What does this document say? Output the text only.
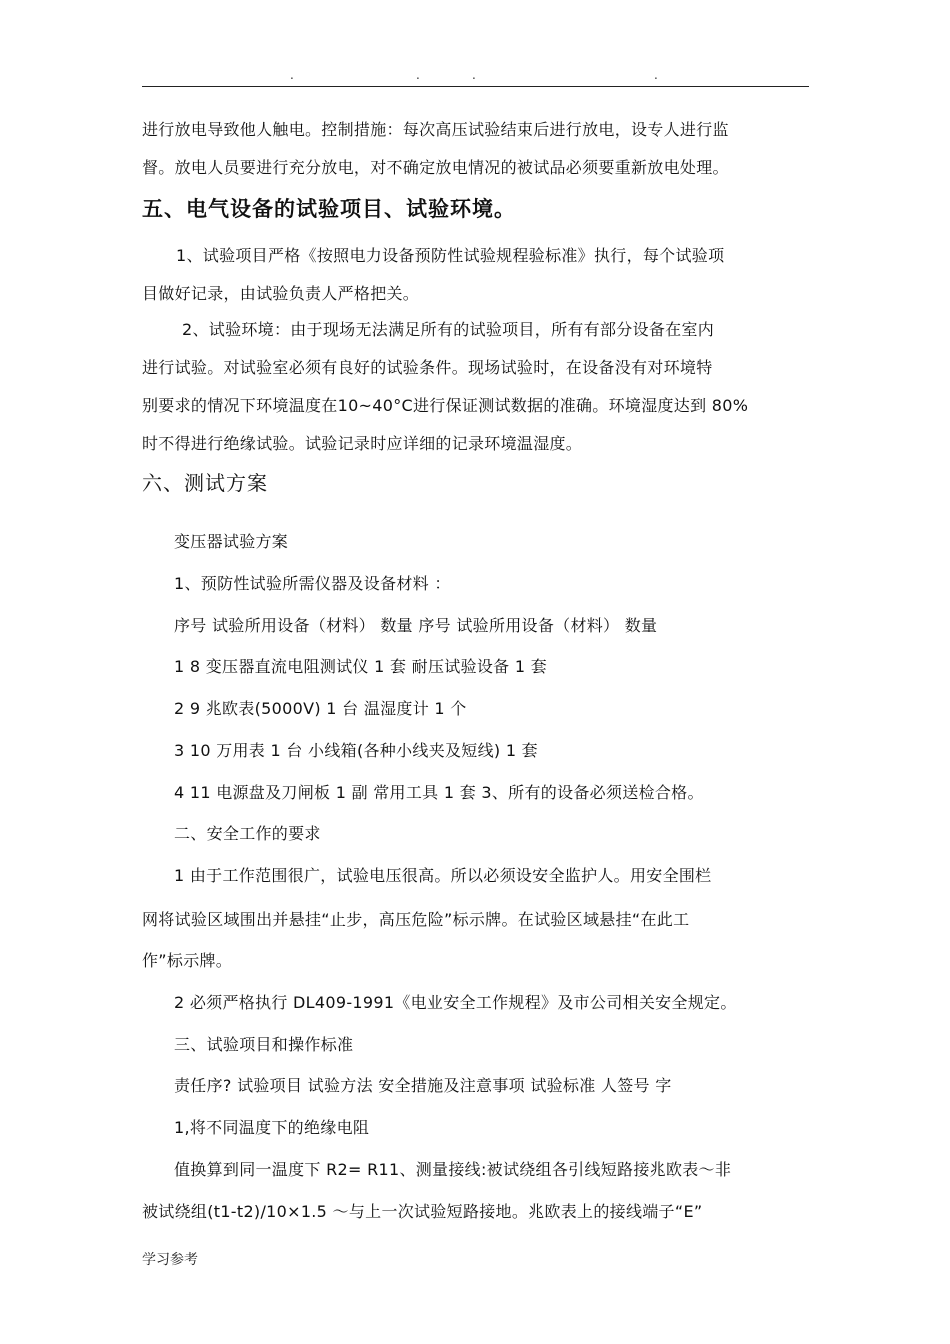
.	.	.	.
进行放电导致他人触电。控制措施：每次高压试验结束后进行放电，设专人进行监
督。放电人员要进行充分放电，对不确定放电情况的被试品必须要重新放电处理。
五、电气设备的试验项目、试验环境。
1、试验项目严格《按照电力设备预防性试验规程验标准》执行，每个试验项
目做好记录，由试验负责人严格把关。
2、试验环境：由于现场无法满足所有的试验项目，所有有部分设备在室内
进行试验。对试验室必须有良好的试验条件。现场试验时，在设备没有对环境特
别要求的情况下环境温度在10~40°C进行保证测试数据的准确。环境湿度达到 80%
时不得进行绝缘试验。试验记录时应详细的记录环境温湿度。
六、测试方案
变压器试验方案
1、预防性试验所需仪器及设备材料 ：
序号 试验所用设备（材料） 数量 序号 试验所用设备（材料） 数量
1 8 变压器直流电阻测试仪 1 套 耐压试验设备 1 套
2 9 兆欧表(5000V) 1 台 温湿度计 1 个
3 10 万用表 1 台 小线箱(各种小线夹及短线) 1 套
4 11 电源盘及刀闸板 1 副 常用工具 1 套 3、所有的设备必须送检合格。
二、安全工作的要求
1 由于工作范围很广，试验电压很高。所以必须设安全监护人。用安全围栏
网将试验区域围出并悬挂“止步，高压危险”标示牌。在试验区域悬挂“在此工
作”标示牌。
2 必须严格执行 DL409-1991《电业安全工作规程》及市公司相关安全规定。
三、试验项目和操作标准
责任序? 试验项目 试验方法 安全措施及注意事项 试验标准 人签号 字
1,将不同温度下的绝缘电阻
值换算到同一温度下 R2= R11、测量接线:被试绕组各引线短路接兆欧表～非
被试绕组(t1-t2)/10×1.5 ～与上一次试验短路接地。兆欧表上的接线端子“E”
学习参考
